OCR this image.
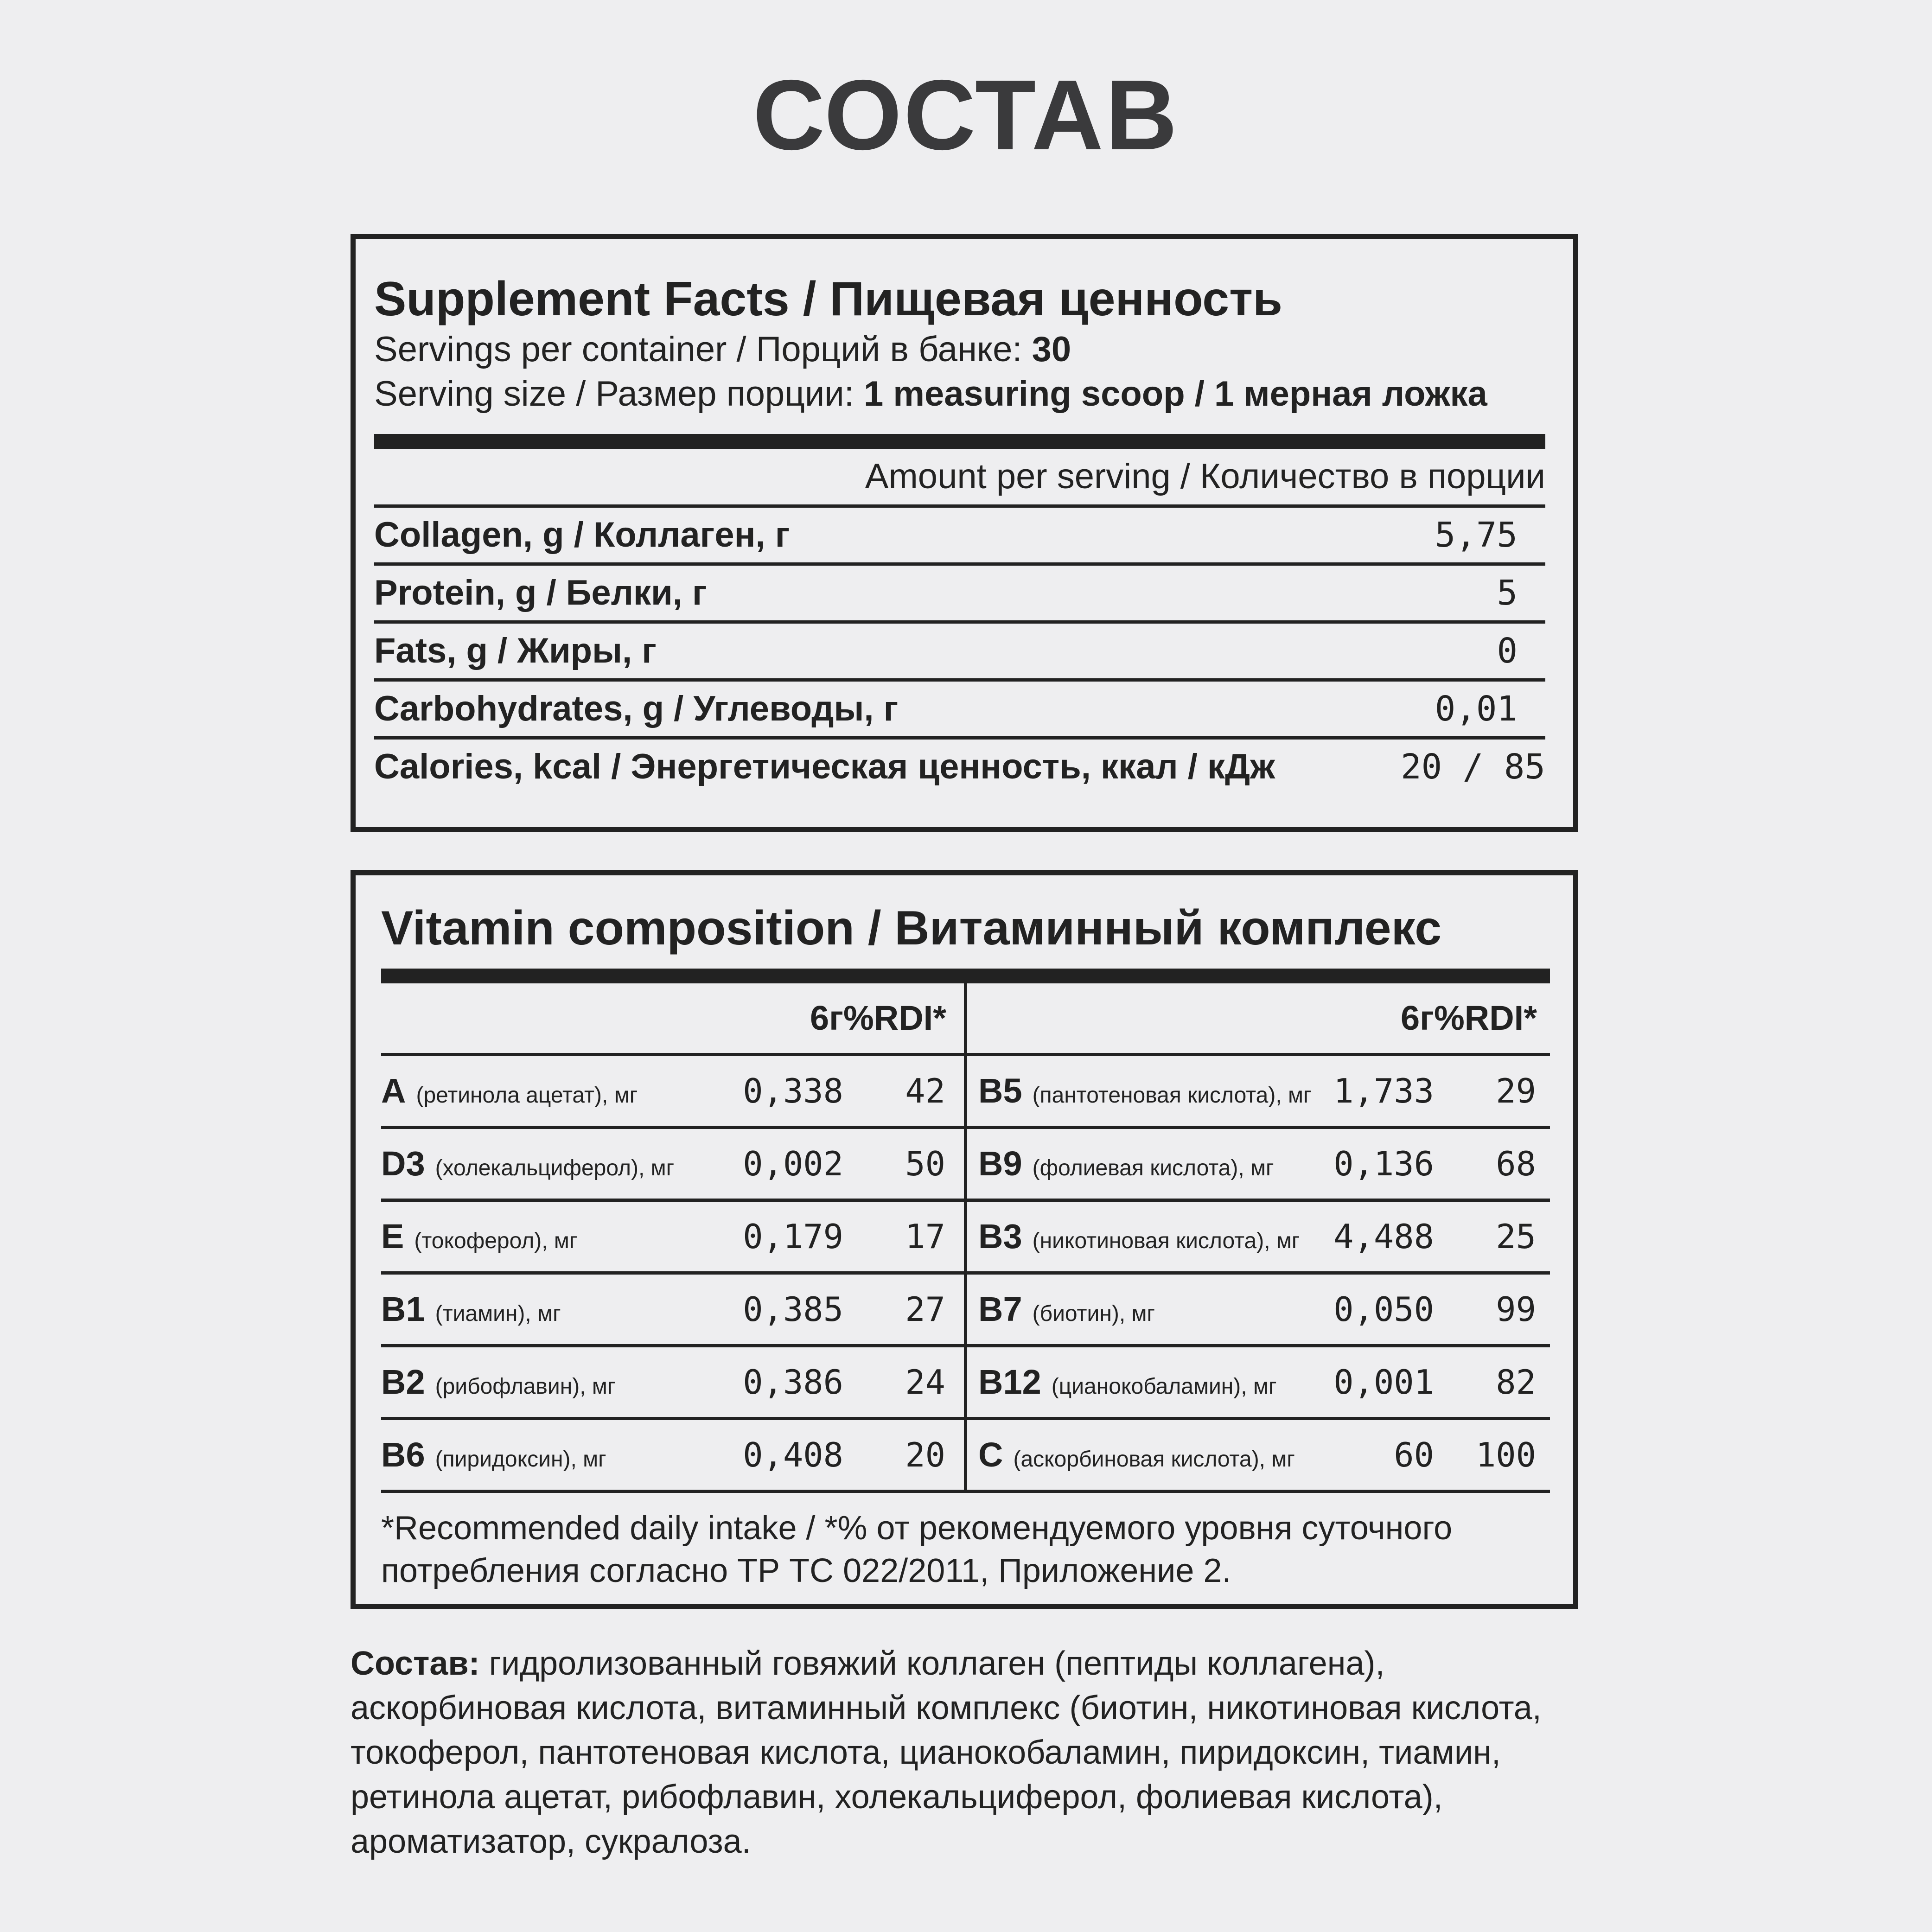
СОСТАВ
Supplement Facts / Пищевая ценность
Servings per container / Порций в банке: 30
Serving size / Размер порции: 1 measuring scoop / 1 мерная ложка
Amount per serving / Количество в порции
Collagen, g / Коллаген, г	5,75
Protein, g / Белки, г	5
Fats, g / Жиры, г	0
Carbohydrates, g / Углеводы, г	0,01
Calories, kcal / Энергетическая ценность, ккал / кДж	20 / 85
Vitamin composition / Витаминный комплекс
6г %RDI*
A (ретинола ацетат), мг	0,338	42
D3 (холекальциферол), мг	0,002	50
E (токоферол), мг	0,179	17
B1 (тиамин), мг	0,385	27
B2 (рибофлавин), мг	0,386	24
B6 (пиридоксин), мг	0,408	20
6г %RDI*
B5 (пантотеновая кислота), мг 1,733	29
B9 (фолиевая кислота), мг	0,136	68
B3 (никотиновая кислота), мг	4,488	25
B7 (биотин), мг	0,050	99
B12 (цианокобаламин), мг	0,001	82
C (аскорбиновая кислота), мг	60	100
*Recommended daily intake / *% от рекомендуемого уровня суточного потребления согласно ТР ТС 022/2011, Приложение 2.
Состав: гидролизованный говяжий коллаген (пептиды коллагена), аскорбиновая кислота, витаминный комплекс (биотин, никотиновая кислота, токоферол, пантотеновая кислота, цианокобаламин, пиридоксин, тиамин, ретинола ацетат, рибофлавин, холекальциферол, фолиевая кислота), ароматизатор, сукралоза.
